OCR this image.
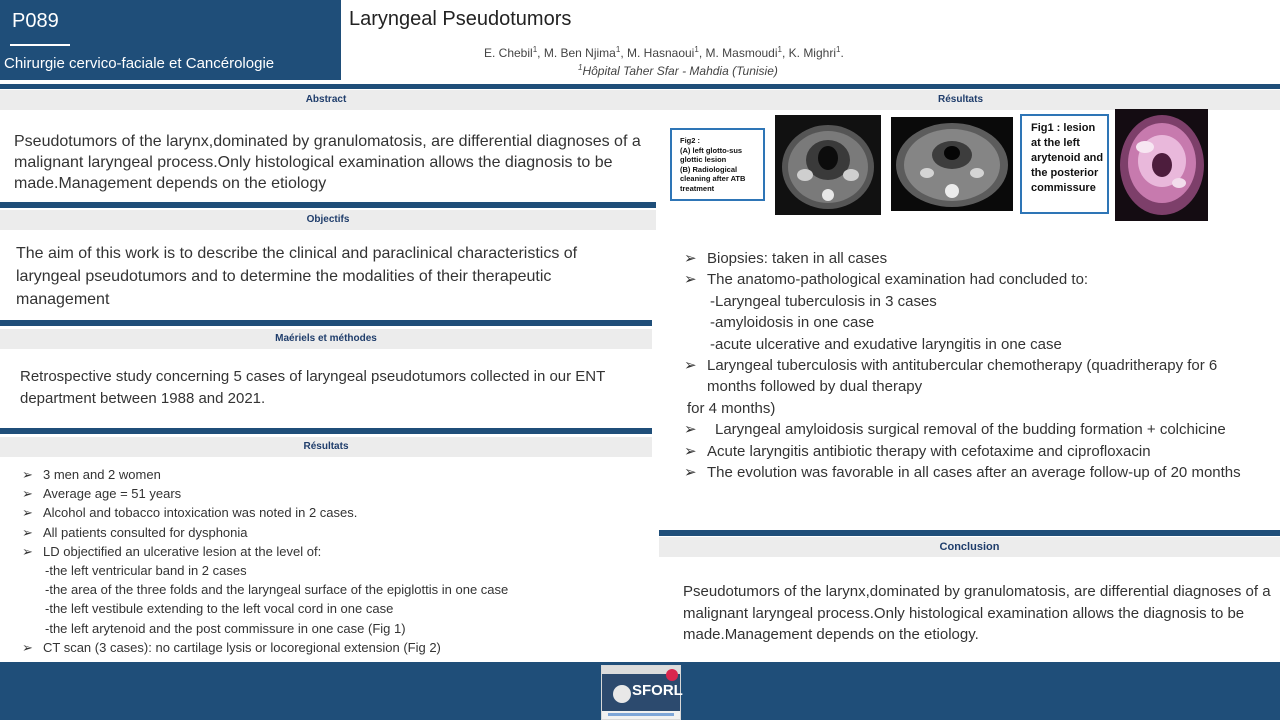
P089
Chirurgie cervico-faciale et Cancérologie
Laryngeal Pseudotumors
E. Chebil$^1$, M. Ben Njima$^1$, M. Hasnaoui$^1$, M. Masmoudi$^1$, K. Mighri$^1$.
$^1$Hôpital Taher Sfar - Mahdia (Tunisie)
Abstract
Pseudotumors of the larynx,dominated by granulomatosis, are differential diagnoses of a malignant laryngeal process.Only histological examination allows the diagnosis to be made.Management depends on the etiology
Objectifs
The aim of this work is to describe the clinical and paraclinical characteristics of laryngeal pseudotumors and to determine the modalities of their therapeutic management
Maériels et méthodes
Retrospective study concerning 5 cases of laryngeal pseudotumors collected in our ENT department between 1988 and 2021.
Résultats
➢ 3 men and 2 women
➢ Average age = 51 years
➢ Alcohol and tobacco intoxication was noted in 2 cases.
➢ All patients consulted for dysphonia
➢ LD objectified an ulcerative lesion at the level of:
-the left ventricular band in 2 cases
-the area of the three folds and the laryngeal surface of the epiglottis in one case
-the left vestibule extending to the left vocal cord in one case
-the left arytenoid and the post commissure in one case (Fig 1)
➢ CT scan (3 cases): no cartilage lysis or locoregional extension (Fig 2)
Résultats
Fig2 :
(A) left glotto-sus glottic lesion
(B) Radiological cleaning after ATB treatment
Fig1 : lesion at the left arytenoid and the posterior commissure
➢ Biopsies: taken in all cases
➢ The anatomo-pathological examination had concluded to:
-Laryngeal tuberculosis in 3 cases
-amyloidosis in one case
-acute ulcerative and exudative laryngitis in one case
➢ Laryngeal tuberculosis with antitubercular chemotherapy (quadritherapy for 6 months followed by dual therapy
for 4 months)
➢ Laryngeal amyloidosis surgical removal of the budding formation + colchicine
➢ Acute laryngitis antibiotic therapy with cefotaxime and ciprofloxacin
➢ The evolution was favorable in all cases after an average follow-up of 20 months
Conclusion
Pseudotumors of the larynx,dominated by granulomatosis, are differential diagnoses of a malignant laryngeal process.Only histological examination allows the diagnosis to be made.Management depends on the etiology.
SFORL
